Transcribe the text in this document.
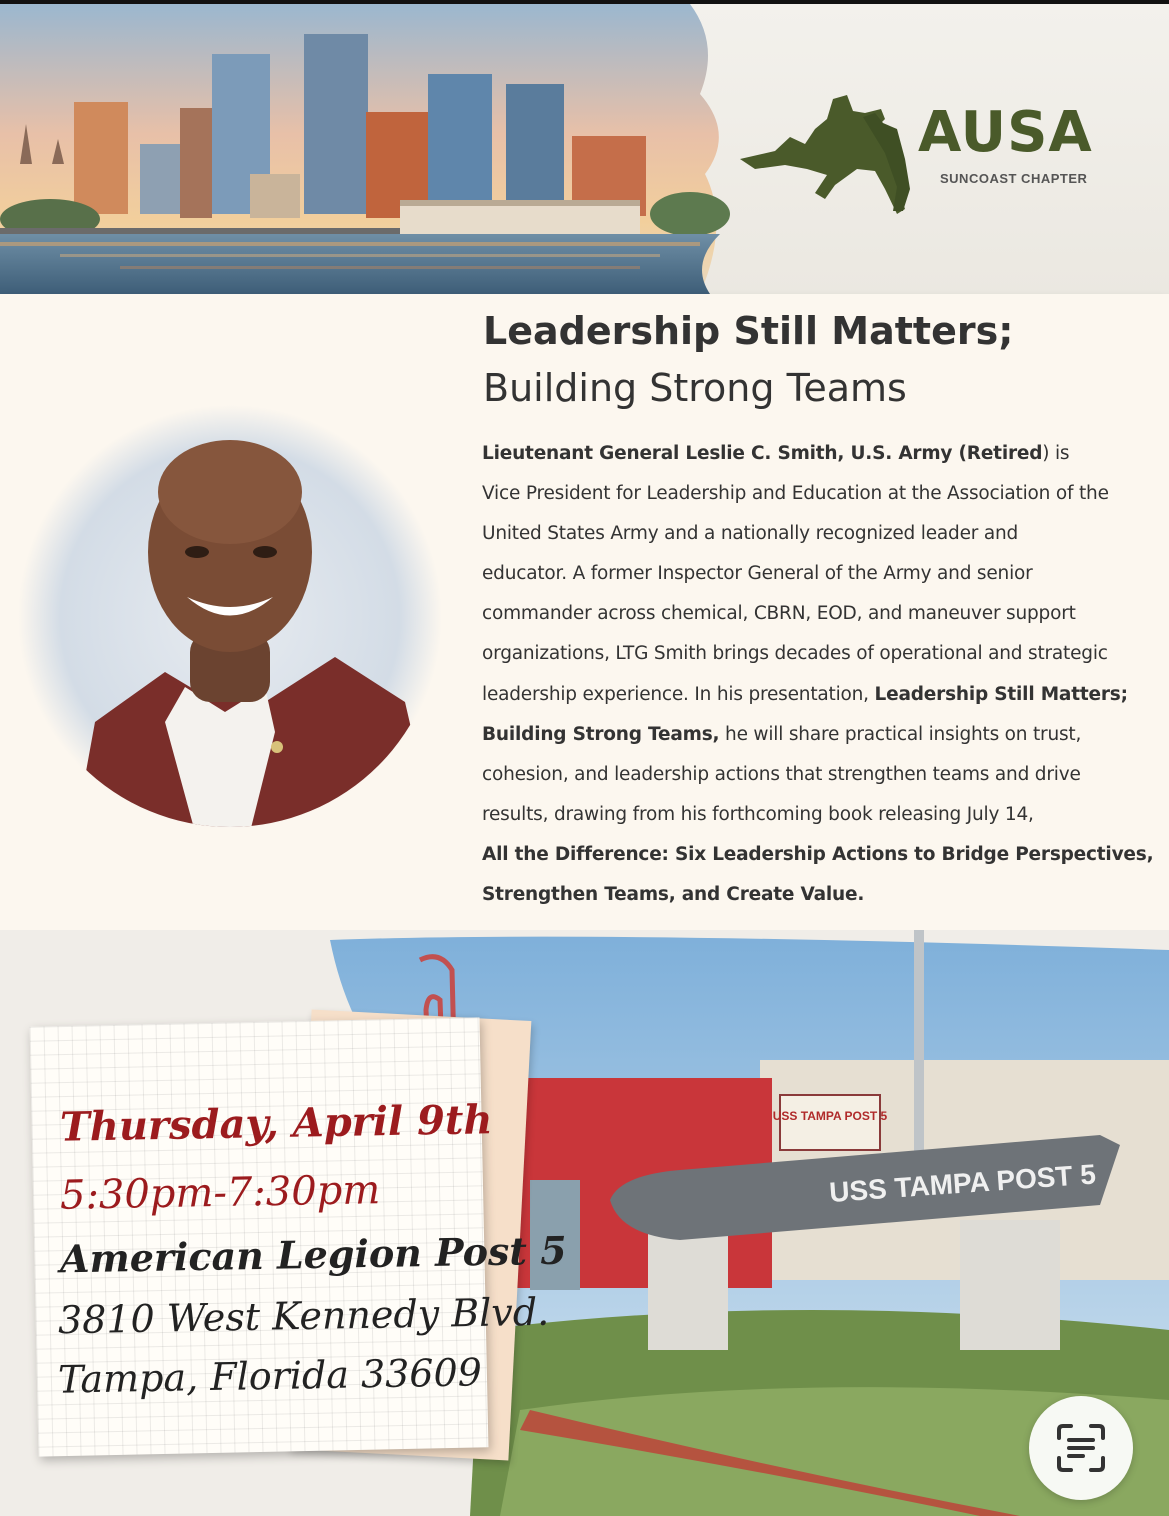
AUSA
SUNCOAST CHAPTER
Leadership Still Matters;
Building Strong Teams
Lieutenant General Leslie C. Smith, U.S. Army (Retired) is
Vice President for Leadership and Education at the Association of the
United States Army and a nationally recognized leader and
educator. A former Inspector General of the Army and senior
commander across chemical, CBRN, EOD, and maneuver support
organizations, LTG Smith brings decades of operational and strategic
leadership experience. In his presentation, Leadership Still Matters;
Building Strong Teams, he will share practical insights on trust,
cohesion, and leadership actions that strengthen teams and drive
results, drawing from his forthcoming book releasing July 14,
All the Difference: Six Leadership Actions to Bridge Perspectives,
Strengthen Teams, and Create Value.
USS TAMPA POST 5
USS TAMPA POST 5
Thursday, April 9th
5:30pm-7:30pm
American Legion Post 5
3810 West Kennedy Blvd.
Tampa, Florida 33609
